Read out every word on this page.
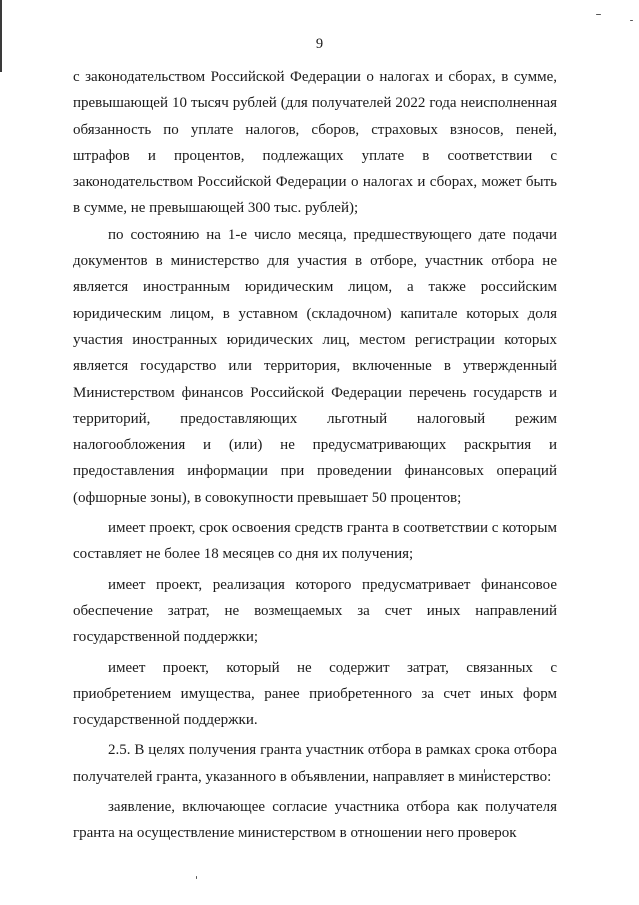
9

с законодательством Российской Федерации о налогах и сборах, в сумме, превышающей 10 тысяч рублей (для получателей 2022 года неисполненная обязанность по уплате налогов, сборов, страховых взносов, пеней, штрафов и процентов, подлежащих уплате в соответствии с законодательством Российской Федерации о налогах и сборах, может быть в сумме, не превышающей 300 тыс. рублей);

по состоянию на 1-е число месяца, предшествующего дате подачи документов в министерство для участия в отборе, участник отбора не является иностранным юридическим лицом, а также российским юридическим лицом, в уставном (складочном) капитале которых доля участия иностранных юридических лиц, местом регистрации которых является государство или территория, включенные в утвержденный Министерством финансов Российской Федерации перечень государств и территорий, предоставляющих льготный налоговый режим налогообложения и (или) не предусматривающих раскрытия и предоставления информации при проведении финансовых операций (офшорные зоны), в совокупности превышает 50 процентов;

имеет проект, срок освоения средств гранта в соответствии с которым составляет не более 18 месяцев со дня их получения;

имеет проект, реализация которого предусматривает финансовое обеспечение затрат, не возмещаемых за счет иных направлений государственной поддержки;

имеет проект, который не содержит затрат, связанных с приобретением имущества, ранее приобретенного за счет иных форм государственной поддержки.

2.5. В целях получения гранта участник отбора в рамках срока отбора получателей гранта, указанного в объявлении, направляет в министерство:

заявление, включающее согласие участника отбора как получателя гранта на осуществление министерством в отношении него проверок
